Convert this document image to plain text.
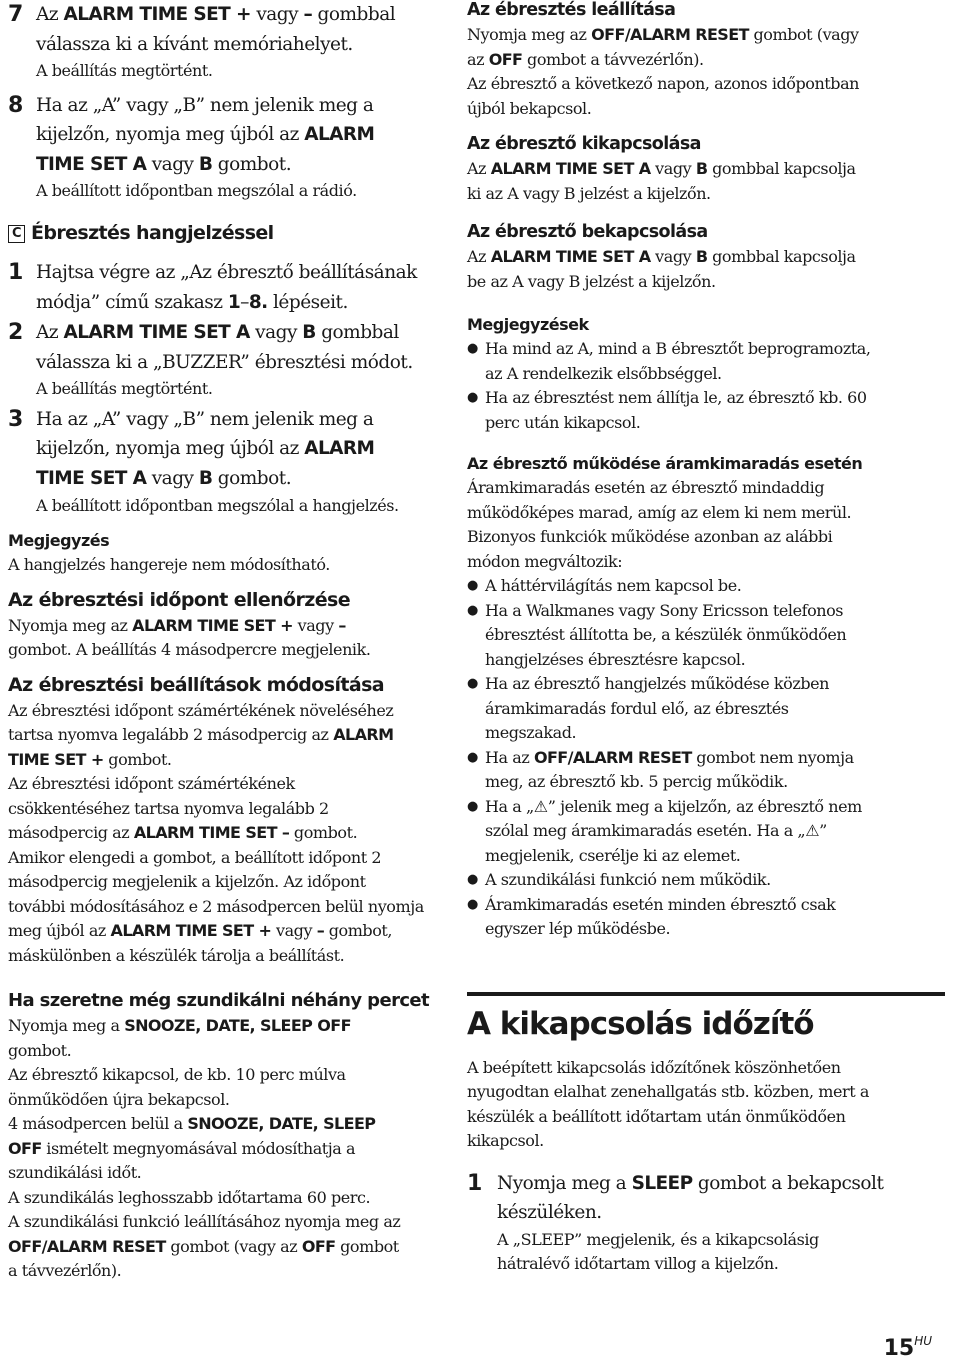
7 Az ALARM TIME SET + vagy – gombbal
válassza ki a kívánt memóriahelyet.
A beállítás megtörtént.
8 Ha az „A” vagy „B” nem jelenik meg a
kijelzőn, nyomja meg újból az ALARM
TIME SET A vagy B gombot.
A beállított időpontban megszólal a rádió.
C Ébresztés hangjelzéssel
1 Hajtsa végre az „Az ébresztő beállításának
módja” című szakasz 1–8. lépéseit.
2 Az ALARM TIME SET A vagy B gombbal
válassza ki a „BUZZER” ébresztési módot.
A beállítás megtörtént.
3 Ha az „A” vagy „B” nem jelenik meg a
kijelzőn, nyomja meg újból az ALARM
TIME SET A vagy B gombot.
A beállított időpontban megszólal a hangjelzés.
Megjegyzés
A hangjelzés hangereje nem módosítható.
Az ébresztési időpont ellenőrzése
Nyomja meg az ALARM TIME SET + vagy –
gombot. A beállítás 4 másodpercre megjelenik.
Az ébresztési beállítások módosítása
Az ébresztési időpont számértékének növeléséhez
tartsa nyomva legalább 2 másodpercig az ALARM
TIME SET + gombot.
Az ébresztési időpont számértékének
csökkentéséhez tartsa nyomva legalább 2
másodpercig az ALARM TIME SET – gombot.
Amikor elengedi a gombot, a beállított időpont 2
másodpercig megjelenik a kijelzőn. Az időpont
további módosításához e 2 másodpercen belül nyomja
meg újból az ALARM TIME SET + vagy – gombot,
máskülönben a készülék tárolja a beállítást.
Ha szeretne még szundikálni néhány percet
Nyomja meg a SNOOZE, DATE, SLEEP OFF
gombot.
Az ébresztő kikapcsol, de kb. 10 perc múlva
önműködően újra bekapcsol.
4 másodpercen belül a SNOOZE, DATE, SLEEP
OFF ismételt megnyomásával módosíthatja a
szundikálási időt.
A szundikálás leghosszabb időtartama 60 perc.
A szundikálási funkció leállításához nyomja meg az
OFF/ALARM RESET gombot (vagy az OFF gombot
a távvezérlőn).
Az ébresztés leállítása
Nyomja meg az OFF/ALARM RESET gombot (vagy
az OFF gombot a távvezérlőn).
Az ébresztő a következő napon, azonos időpontban
újból bekapcsol.
Az ébresztő kikapcsolása
Az ALARM TIME SET A vagy B gombbal kapcsolja
ki az A vagy B jelzést a kijelzőn.
Az ébresztő bekapcsolása
Az ALARM TIME SET A vagy B gombbal kapcsolja
be az A vagy B jelzést a kijelzőn.
Megjegyzések
● Ha mind az A, mind a B ébresztőt beprogramozta,
az A rendelkezik elsőbbséggel.
● Ha az ébresztést nem állítja le, az ébresztő kb. 60
perc után kikapcsol.
Az ébresztő működése áramkimaradás esetén
Áramkimaradás esetén az ébresztő mindaddig
működőképes marad, amíg az elem ki nem merül.
Bizonyos funkciók működése azonban az alábbi
módon megváltozik:
● A háttérvilágítás nem kapcsol be.
● Ha a Walkmanes vagy Sony Ericsson telefonos
ébresztést állította be, a készülék önműködően
hangjelzéses ébresztésre kapcsol.
● Ha az ébresztő hangjelzés működése közben
áramkimaradás fordul elő, az ébresztés
megszakad.
● Ha az OFF/ALARM RESET gombot nem nyomja
meg, az ébresztő kb. 5 percig működik.
● Ha a „⚠” jelenik meg a kijelzőn, az ébresztő nem
szólal meg áramkimaradás esetén. Ha a „⚠”
megjelenik, cserélje ki az elemet.
● A szundikálási funkció nem működik.
● Áramkimaradás esetén minden ébresztő csak
egyszer lép működésbe.
A kikapcsolás időzítő
A beépített kikapcsolás időzítőnek köszönhetően
nyugodtan elalhat zenehallgatás stb. közben, mert a
készülék a beállított időtartam után önműködően
kikapcsol.
1 Nyomja meg a SLEEP gombot a bekapcsolt
készüléken.
A „SLEEP” megjelenik, és a kikapcsolásig
hátralévő időtartam villog a kijelzőn.
$15^{HU}$
